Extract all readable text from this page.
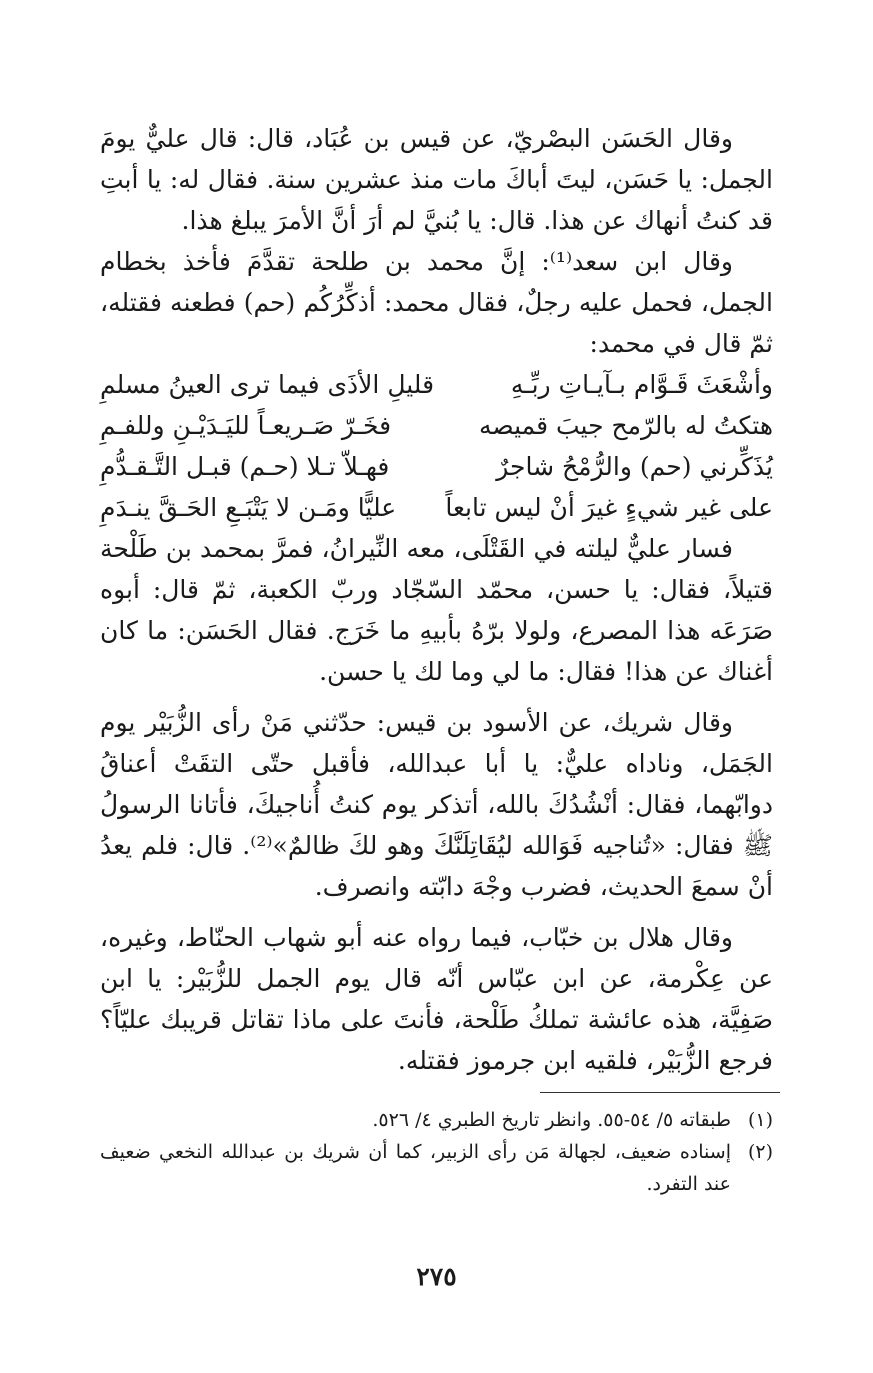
وقال الحَسَن البصْريّ، عن قيس بن عُبَاد، قال: قال عليٌّ يومَ الجمل: يا حَسَن، ليتَ أباكَ مات منذ عشرين سنة. فقال له: يا أبتِ قد كنتُ أنهاك عن هذا. قال: يا بُنيَّ لم أرَ أنَّ الأمرَ يبلغ هذا.

وقال ابن سعد⁽¹⁾: إنَّ محمد بن طلحة تقدَّمَ فأخذ بخطام الجمل، فحمل عليه رجلٌ، فقال محمد: أذكِّرُكُم (حم) فطعنه فقتله، ثمّ قال في محمد:

وأشْعَثَ قَـوَّام بـآيـاتِ ربِّـهِ
قليلِ الأذَى فيما ترى العينُ مسلمِ
هتكتُ له بالرّمح جيبَ قميصه
فخَـرّ صَـريعـاً لليَـدَيْـنِ وللفـمِ
يُذَكِّرني (حم) والرُّمْحُ شاجرٌ
فهـلاّ تـلا (حـم) قبـل التَّـقـدُّمِ
على غير شيءٍ غيرَ أنْ ليس تابعاً
عليًّا ومَـن لا يَتْبَـعِ الحَـقَّ ينـدَمِ

فسار عليٌّ ليلته في القَتْلَى، معه النِّيرانُ، فمرَّ بمحمد بن طَلْحة قتيلاً، فقال: يا حسن، محمّد السّجّاد وربّ الكعبة، ثمّ قال: أبوه صَرَعَه هذا المصرع، ولولا برّهُ بأبيهِ ما خَرَج. فقال الحَسَن: ما كان أغناك عن هذا! فقال: ما لي وما لك يا حسن.

وقال شريك، عن الأسود بن قيس: حدّثني مَنْ رأى الزُّبَيْر يوم الجَمَل، وناداه عليٌّ: يا أبا عبدالله، فأقبل حتّى التقَتْ أعناقُ دوابّهما، فقال: أنْشُدُكَ بالله، أتذكر يوم كنتُ أُناجيكَ، فأتانا الرسولُ ﷺ فقال: «تُناجيه فَوَالله ليُقَاتِلَنَّكَ وهو لكَ ظالمٌ»⁽²⁾. قال: فلم يعدُ أنْ سمعَ الحديث، فضرب وجْهَ دابّته وانصرف.

وقال هلال بن خبّاب، فيما رواه عنه أبو شهاب الحنّاط، وغيره، عن عِكْرمة، عن ابن عبّاس أنّه قال يوم الجمل للزُّبَيْر: يا ابن صَفِيَّة، هذه عائشة تملكُ طَلْحة، فأنتَ على ماذا تقاتل قريبك عليّاً؟ فرجع الزُّبَيْر، فلقيه ابن جرموز فقتله.

(١)
طبقاته ٥/ ٥٤-٥٥. وانظر تاريخ الطبري ٤/ ٥٢٦.
(٢)
إسناده ضعيف، لجهالة مَن رأى الزبير، كما أن شريك بن عبدالله النخعي ضعيف عند التفرد.
٢٧٥
